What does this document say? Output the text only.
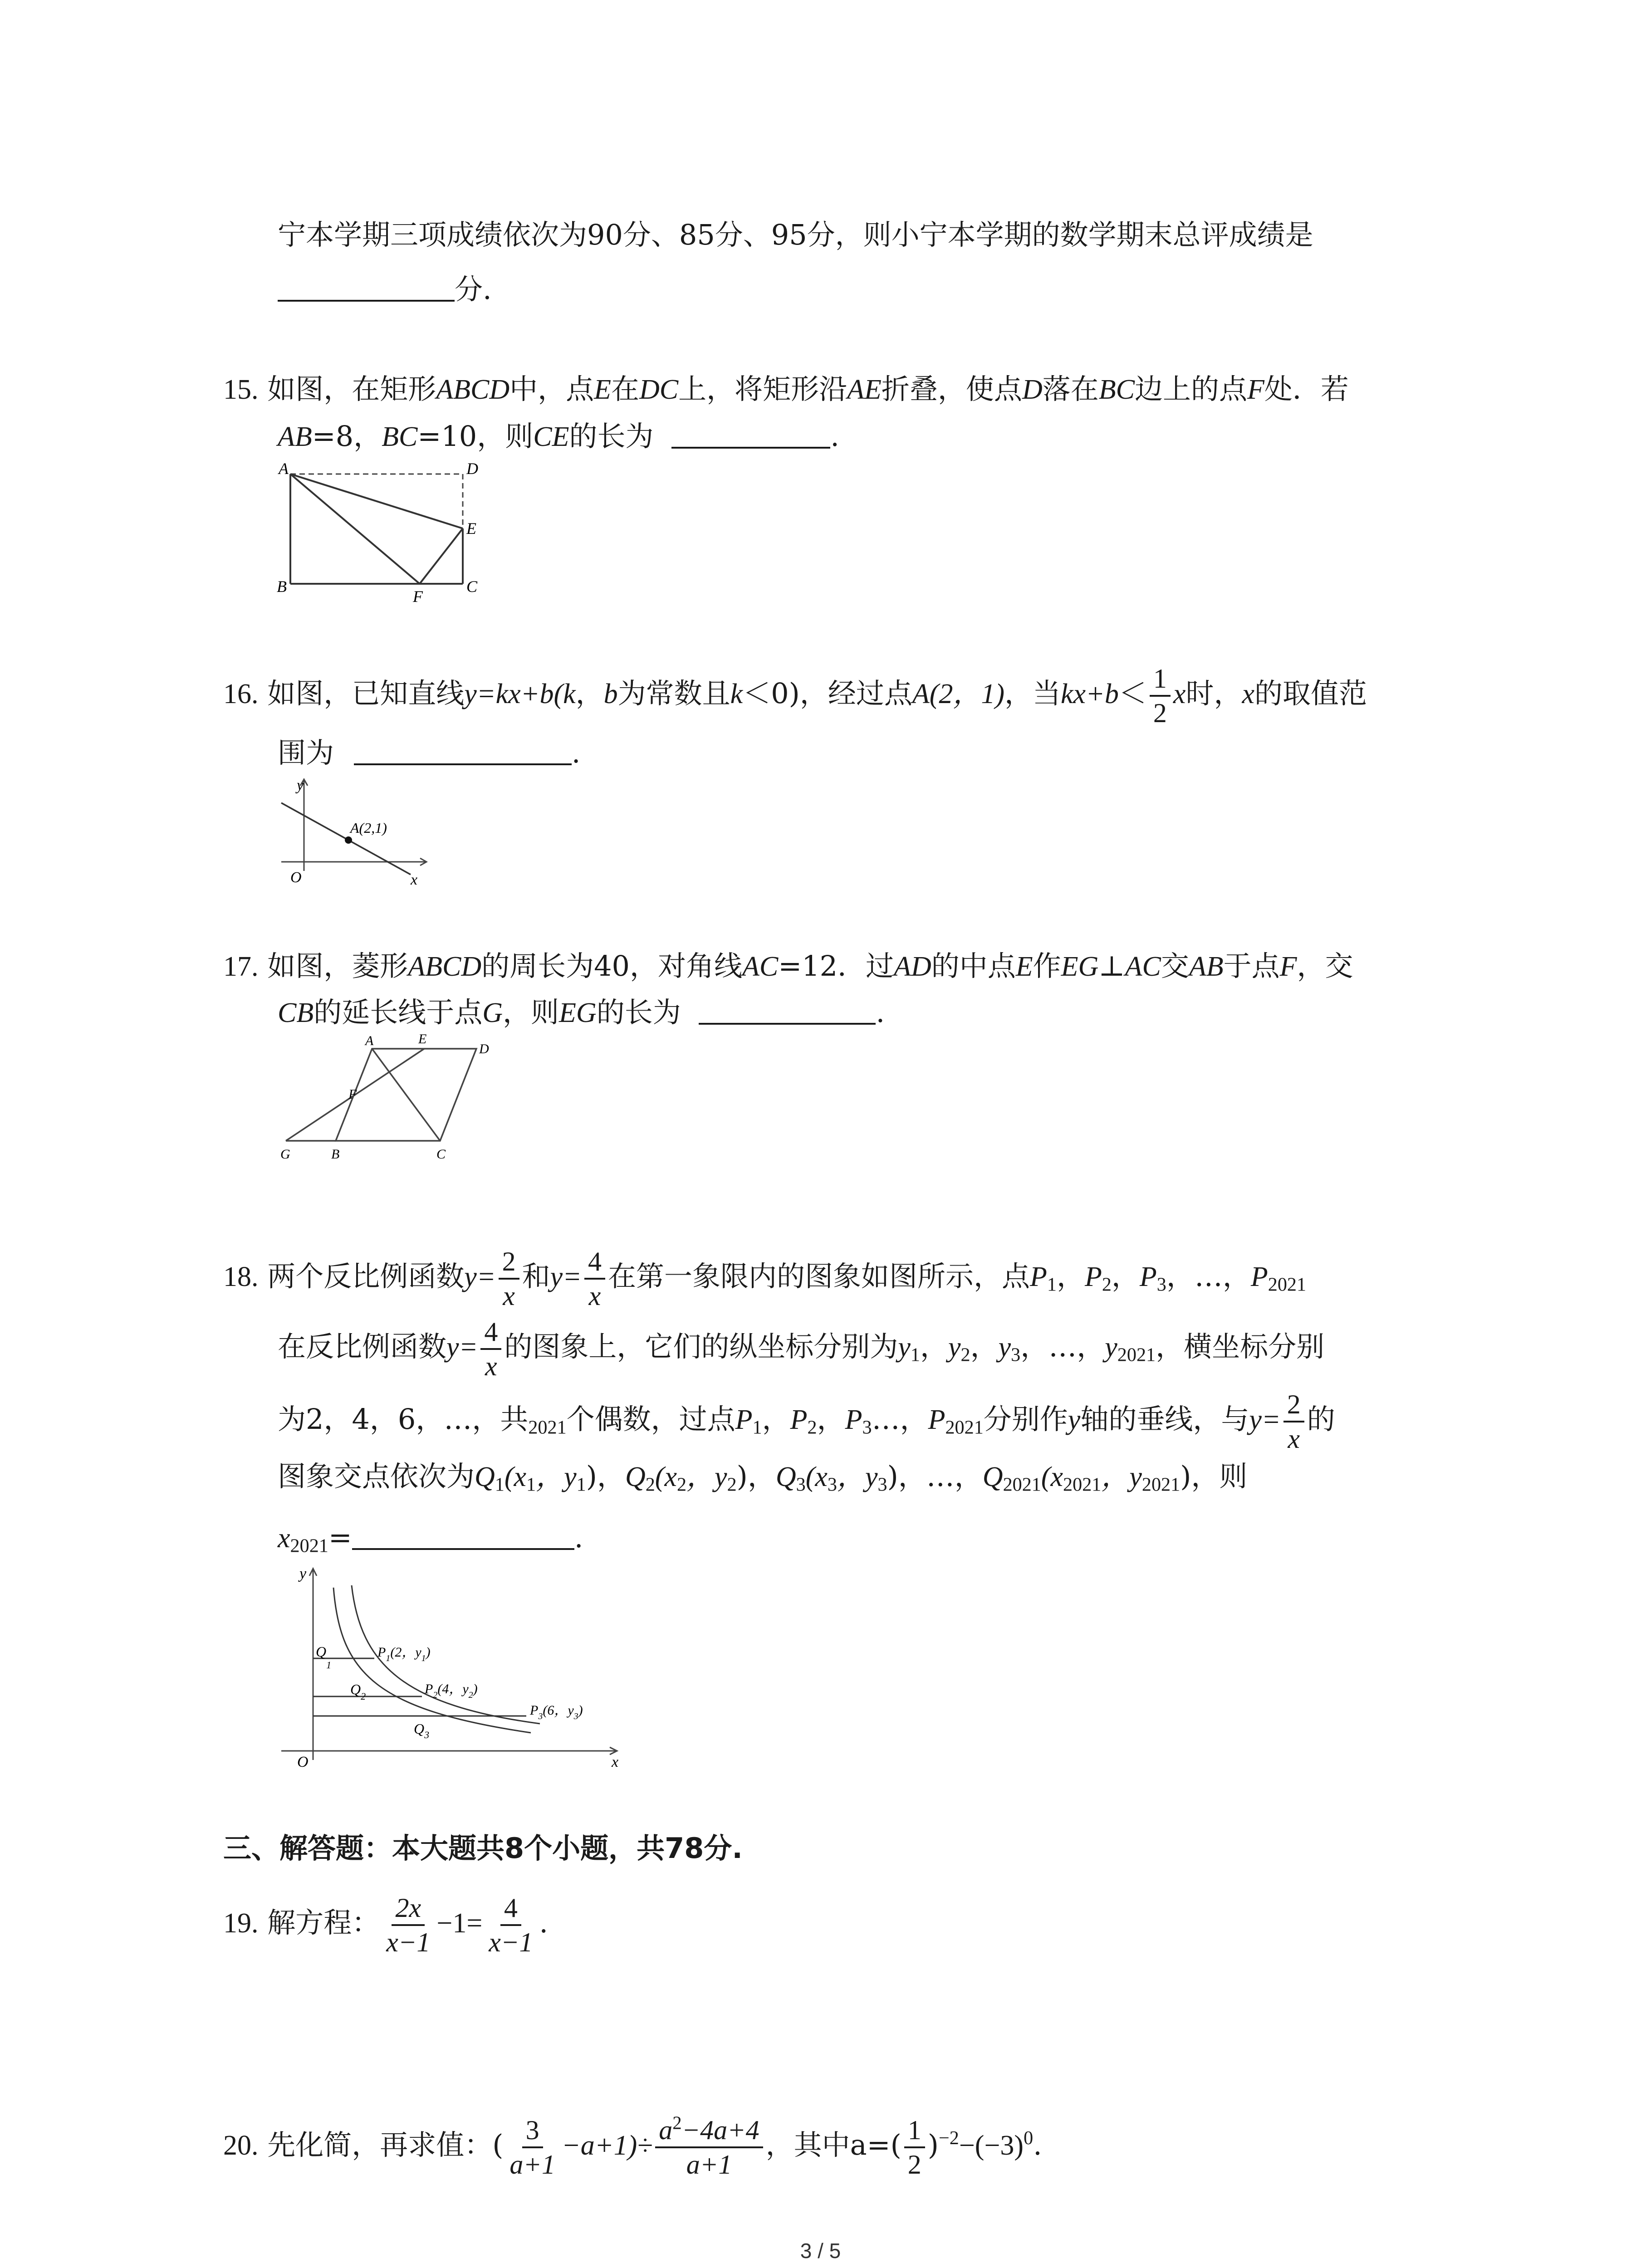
宁本学期三项成绩依次为90分、85分、95分，则小宁本学期的数学期末总评成绩是
分.
15. 如图，在矩形ABCD中，点E在DC上，将矩形沿AE折叠，使点D落在BC边上的点F处．若
AB=8，BC=10，则CE的长为	.
A	D
E
B
F
C
16. 如图，已知直线y=kx+b(k，b为常数且k＜0)，经过点A(2，1)，当$kx+b< \frac{1}{2}$ x时，x的取值范
围为	.
y
x
O
A(2,1)
17. 如图，菱形ABCD的周长为40，对角线AC=12．过AD的中点E作EG⊥AC交AB于点F，交
CB的延长线于点G，则EG的长为	.
A	E
D
F
G	B	C
18. 两个反比例函数$y= \frac{2}{x}$ 和$y= \frac{4}{x}$ 在第一象限内的图象如图所示，点$P_1$，$P_2$，$P_3$，…，$P_{2021}$
在反比例函数$y= \frac{4}{x}$ 的图象上，它们的纵坐标分别为$y_1$，$y_2$，$y_3$，…，$y_{2021}$，横坐标分别
为2，4，6，…，共$_{2021}$个偶数，过点$P_1$，$P_2$，$P_3\dots$，$P_{2021}$分别作y轴的垂线，与$y= \frac{2}{x}$ 的
图象交点依次为$Q_1(x_1$，$y_1$)，$Q_2(x_2$，$y_2$)，$Q_3(x_3$，$y_3$)，…，$Q_{2021}(x_{2021}$，$y_{2021}$)，则
$x_{2021}=$	.
y
x
O
$Q_1$
$Q_2$
$Q_3$
$P_1(2$，$y_1$)
$P_2(4$，$y_2$)
$P_3(6$，$y_3$)
三、解答题：本大题共8个小题，共78分.
19. 解方程： $\frac{2x}{x-1} -1= \frac{4}{x-1}$ .
20. 先化简，再求值：( $\frac{3}{a+1} -a+1)\div \frac{a^2-4a+4}{a+1}$ ，其中$a=( \frac{1}{2} )^{-2}-(-3)^0$.
3 / 5
